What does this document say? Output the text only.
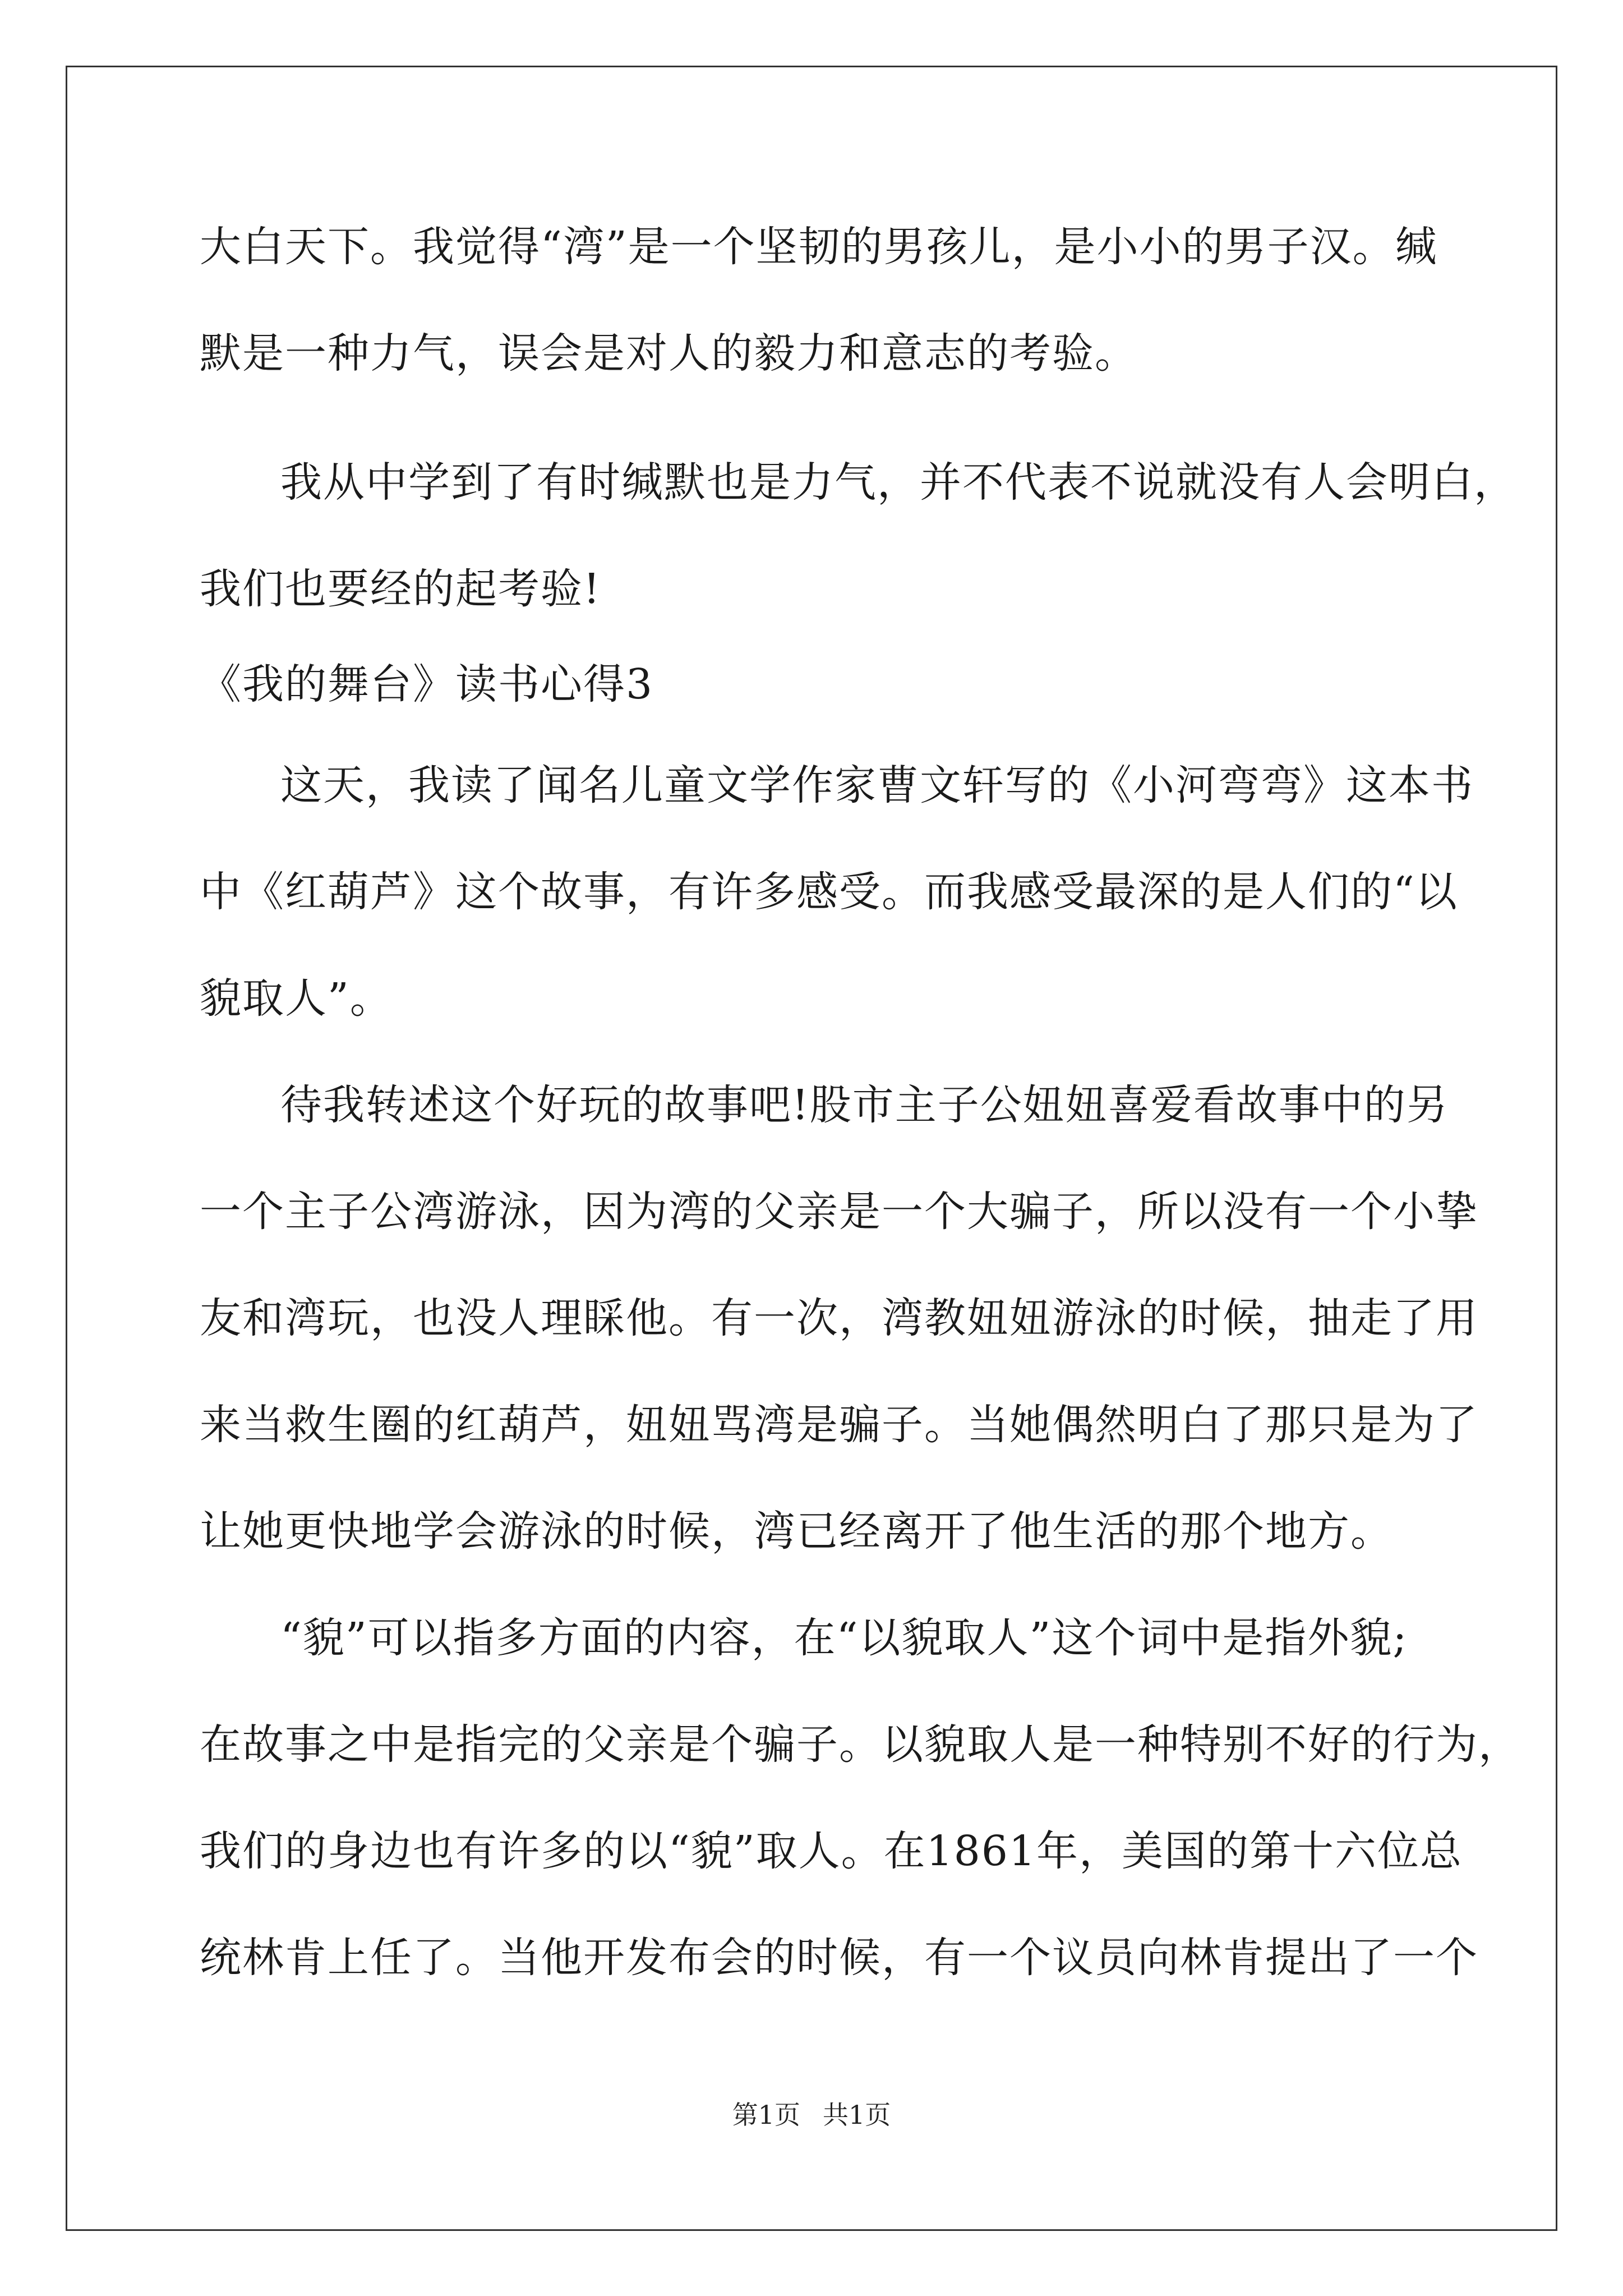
大白天下。我觉得“湾”是一个坚韧的男孩儿，是小小的男子汉。缄
默是一种力气，误会是对人的毅力和意志的考验。
我从中学到了有时缄默也是力气，并不代表不说就没有人会明白，
我们也要经的起考验!
《我的舞台》读书心得3
这天，我读了闻名儿童文学作家曹文轩写的《小河弯弯》这本书
中《红葫芦》这个故事，有许多感受。而我感受最深的是人们的“以
貌取人”。
待我转述这个好玩的故事吧!股市主子公妞妞喜爱看故事中的另
一个主子公湾游泳，因为湾的父亲是一个大骗子，所以没有一个小挚
友和湾玩，也没人理睬他。有一次，湾教妞妞游泳的时候，抽走了用
来当救生圈的红葫芦，妞妞骂湾是骗子。当她偶然明白了那只是为了
让她更快地学会游泳的时候，湾已经离开了他生活的那个地方。
“貌”可以指多方面的内容，在“以貌取人”这个词中是指外貌;
在故事之中是指完的父亲是个骗子。以貌取人是一种特别不好的行为，
我们的身边也有许多的以“貌”取人。在1861年，美国的第十六位总
统林肯上任了。当他开发布会的时候，有一个议员向林肯提出了一个
第1页 共1页
